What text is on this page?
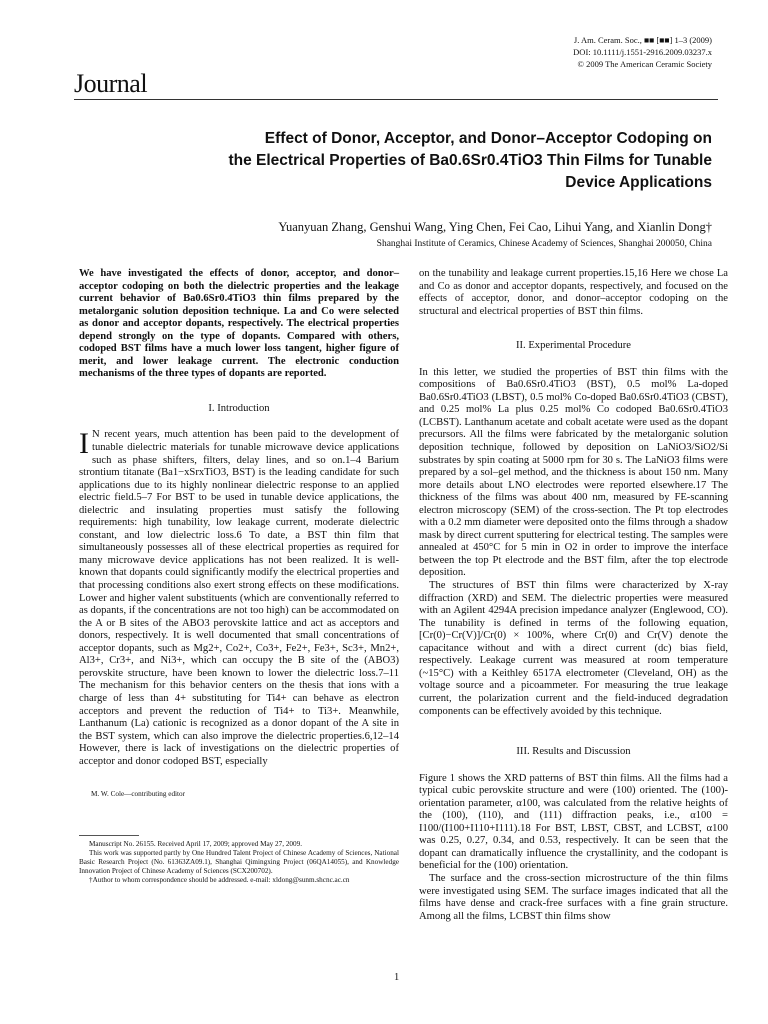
J. Am. Ceram. Soc., ■■ [■■] 1–3 (2009)
DOI: 10.1111/j.1551-2916.2009.03237.x
© 2009 The American Ceramic Society
Journal
Effect of Donor, Acceptor, and Donor–Acceptor Codoping on
the Electrical Properties of Ba0.6Sr0.4TiO3 Thin Films for Tunable
Device Applications
Yuanyuan Zhang, Genshui Wang, Ying Chen, Fei Cao, Lihui Yang, and Xianlin Dong†
Shanghai Institute of Ceramics, Chinese Academy of Sciences, Shanghai 200050, China

We have investigated the effects of donor, acceptor, and donor–acceptor codoping on both the dielectric properties and the leakage current behavior of Ba0.6Sr0.4TiO3 thin films prepared by the metalorganic solution deposition technique. La and Co were selected as donor and acceptor dopants, respectively. The electrical properties depend strongly on the type of dopants. Compared with others, codoped BST films have a much lower loss tangent, higher figure of merit, and lower leakage current. The electronic conduction mechanisms of the three types of dopants are reported.

I. Introduction

I N recent years, much attention has been paid to the development of tunable dielectric materials for tunable microwave device applications such as phase shifters, filters, delay lines, and so on.1–4 Barium strontium titanate (Ba1−xSrxTiO3, BST) is the leading candidate for such applications due to its highly nonlinear dielectric response to an applied electric field.5–7 For BST to be used in tunable device applications, the dielectric and insulating properties must satisfy the following requirements: high tunability, low leakage current, moderate dielectric constant, and low dielectric loss.6 To date, a BST thin film that simultaneously possesses all of these electrical properties as required for many microwave device applications has not been realized. It is well-known that dopants could significantly modify the electrical properties and that processing conditions also exert strong effects on these modifications. Lower and higher valent substituents (which are conventionally referred to as dopants, if the concentrations are not too high) can be accommodated on the A or B sites of the ABO3 perovskite lattice and act as acceptors and donors, respectively. It is well documented that small concentrations of acceptor dopants, such as Mg2+, Co2+, Co3+, Fe2+, Fe3+, Sc3+, Mn2+, Al3+, Cr3+, and Ni3+, which can occupy the B site of the (ABO3) perovskite structure, have been known to lower the dielectric loss.7–11 The mechanism for this behavior centers on the thesis that ions with a charge of less than 4+ substituting for Ti4+ can behave as electron acceptors and prevent the reduction of Ti4+ to Ti3+. Meanwhile, Lanthanum (La) cationic is recognized as a donor dopant of the A site in the BST system, which can also improve the dielectric properties.6,12–14 However, there is lack of investigations on the dielectric properties of acceptor and donor codoped BST, especially

M. W. Cole—contributing editor

Manuscript No. 26155. Received April 17, 2009; approved May 27, 2009.

This work was supported partly by One Hundred Talent Project of Chinese Academy of Sciences, National Basic Research Project (No. 61363ZA09.1), Shanghai Qimingxing Project (06QA14055), and Knowledge Innovation Project of Chinese Academy of Sciences (SCX200702).

†Author to whom correspondence should be addressed. e-mail: xldong@sunm.shcnc.ac.cn

on the tunability and leakage current properties.15,16 Here we chose La and Co as donor and acceptor dopants, respectively, and focused on the effects of acceptor, donor, and donor–acceptor codoping on the structural and electrical properties of BST thin films.

II. Experimental Procedure

In this letter, we studied the properties of BST thin films with the compositions of Ba0.6Sr0.4TiO3 (BST), 0.5 mol% La-doped Ba0.6Sr0.4TiO3 (LBST), 0.5 mol% Co-doped Ba0.6Sr0.4TiO3 (CBST), and 0.25 mol% La plus 0.25 mol% Co codoped Ba0.6Sr0.4TiO3 (LCBST). Lanthanum acetate and cobalt acetate were used as the dopant precursors. All the films were fabricated by the metalorganic solution deposition technique, followed by deposition on LaNiO3/SiO2/Si substrates by spin coating at 5000 rpm for 30 s. The LaNiO3 films were prepared by a sol–gel method, and the thickness is about 150 nm. Many more details about LNO electrodes were reported elsewhere.17 The thickness of the films was about 400 nm, measured by FE-scanning electron microscopy (SEM) of the cross-section. The Pt top electrodes with a 0.2 mm diameter were deposited onto the films through a shadow mask by direct current sputtering for electrical testing. The samples were annealed at 450°C for 5 min in O2 in order to improve the interface between the top Pt electrode and the BST film, after the top electrode deposition.

The structures of BST thin films were characterized by X-ray diffraction (XRD) and SEM. The dielectric properties were measured with an Agilent 4294A precision impedance analyzer (Englewood, CO). The tunability is defined in terms of the following equation, [Cr(0)−Cr(V)]/Cr(0) × 100%, where Cr(0) and Cr(V) denote the capacitance without and with a direct current (dc) bias field, respectively. Leakage current was measured at room temperature (~15°C) with a Keithley 6517A electrometer (Cleveland, OH) as the voltage source and a picoammeter. For measuring the true leakage current, the polarization current and the field-induced degradation components can be effectively avoided by this technique.

III. Results and Discussion

Figure 1 shows the XRD patterns of BST thin films. All the films had a typical cubic perovskite structure and were (100) oriented. The (100)-orientation parameter, α100, was calculated from the relative heights of the (100), (110), and (111) diffraction peaks, i.e., α100 = I100/(I100+I110+I111).18 For BST, LBST, CBST, and LCBST, α100 was 0.25, 0.27, 0.34, and 0.53, respectively. It can be seen that the dopant can dramatically influence the crystallinity, and the codopant is beneficial for the (100) orientation.

The surface and the cross-section microstructure of the thin films were investigated using SEM. The surface images indicated that all the films have dense and crack-free surfaces with a fine grain structure. Among all the films, LCBST thin films show

1
